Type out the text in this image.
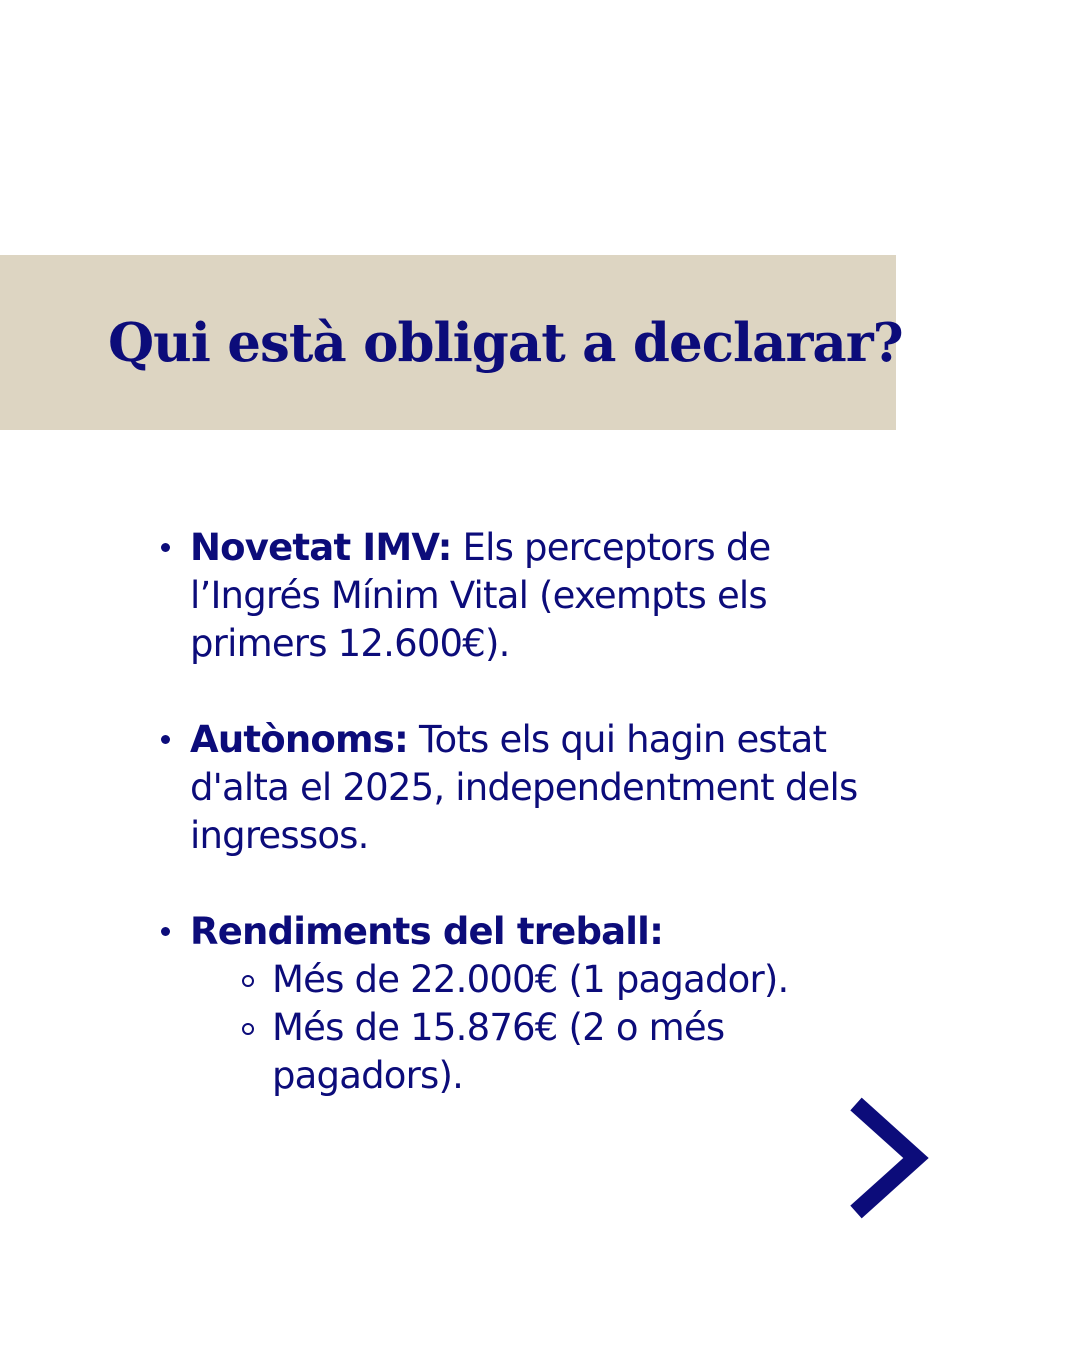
Qui està obligat a declarar?
Novetat IMV: Els perceptors de l’Ingrés Mínim Vital (exempts els primers 12.600€).
Autònoms: Tots els qui hagin estat d'alta el 2025, independentment dels ingressos.
Rendiments del treball:
Més de 22.000€ (1 pagador).
Més de 15.876€ (2 o més pagadors).
